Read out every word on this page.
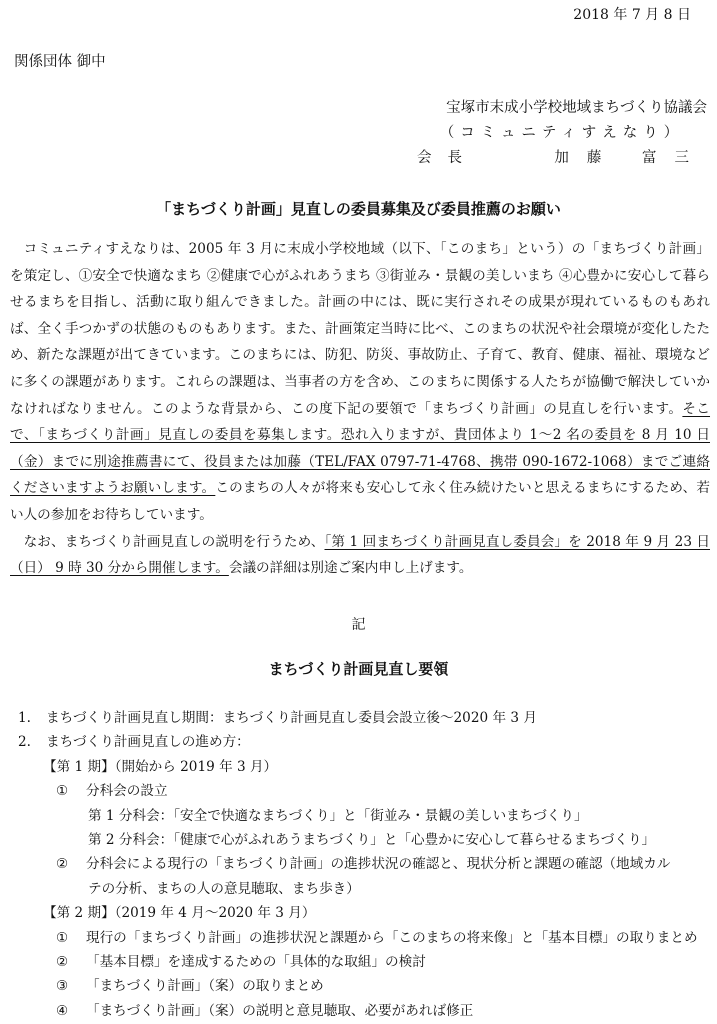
2018 年 7 月 8 日
関係団体 御中
宝塚市末成小学校地域まちづくり協議会
（コミュニティすえなり）
会長	加藤 富三
「まちづくり計画」見直しの委員募集及び委員推薦のお願い

コミュニティすえなりは、2005 年 3 月に末成小学校地域（以下、「このまち」という）の「まちづくり計画」を策定し、①安全で快適なまち ②健康で心がふれあうまち ③街並み・景観の美しいまち ④心豊かに安心して暮らせるまちを目指し、活動に取り組んできました。計画の中には、既に実行されその成果が現れているものもあれば、全く手つかずの状態のものもあります。また、計画策定当時に比べ、このまちの状況や社会環境が変化したため、新たな課題が出てきています。このまちには、防犯、防災、事故防止、子育て、教育、健康、福祉、環境などに多くの課題があります。これらの課題は、当事者の方を含め、このまちに関係する人たちが協働で解決していかなければなりません。このような背景から、この度下記の要領で「まちづくり計画」の見直しを行います。そこで、「まちづくり計画」見直しの委員を募集します。恐れ入りますが、貴団体より 1～2 名の委員を 8 月 10 日（金）までに別途推薦書にて、役員または加藤（TEL/FAX 0797-71-4768、携帯 090-1672-1068）までご連絡くださいますようお願いします。このまちの人々が将来も安心して永く住み続けたいと思えるまちにするため、若い人の参加をお待ちしています。

なお、まちづくり計画見直しの説明を行うため、「第 1 回まちづくり計画見直し委員会」を 2018 年 9 月 23 日（日） 9 時 30 分から開催します。会議の詳細は別途ご案内申し上げます。

記
まちづくり計画見直し要領
1. まちづくり計画見直し期間：まちづくり計画見直し委員会設立後～2020 年 3 月
2. まちづくり計画見直しの進め方：
【第 1 期】（開始から 2019 年 3 月）
① 分科会の設立
第 1 分科会：「安全で快適なまちづくり」と「街並み・景観の美しいまちづくり」
第 2 分科会：「健康で心がふれあうまちづくり」と「心豊かに安心して暮らせるまちづくり」
② 分科会による現行の「まちづくり計画」の進捗状況の確認と、現状分析と課題の確認（地域カル
テの分析、まちの人の意見聴取、まち歩き）
【第 2 期】（2019 年 4 月～2020 年 3 月）
① 現行の「まちづくり計画」の進捗状況と課題から「このまちの将来像」と「基本目標」の取りまとめ
② 「基本目標」を達成するための「具体的な取組」の検討
③ 「まちづくり計画」（案）の取りまとめ
④ 「まちづくり計画」（案）の説明と意見聴取、必要があれば修正
